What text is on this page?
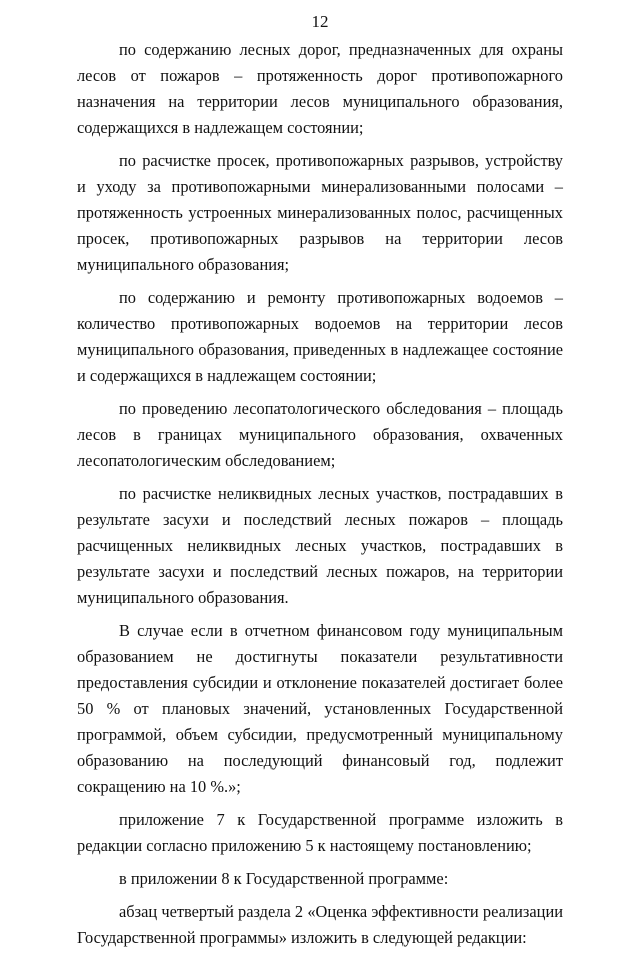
12

по содержанию лесных дорог, предназначенных для охраны лесов от пожаров – протяженность дорог противопожарного назначения на территории лесов муниципального образования, содержащихся в надлежащем состоянии;

по расчистке просек, противопожарных разрывов, устройству и уходу за противопожарными минерализованными полосами – протяженность устроенных минерализованных полос, расчищенных просек, противопожарных разрывов на территории лесов муниципального образования;

по содержанию и ремонту противопожарных водоемов – количество противопожарных водоемов на территории лесов муниципального образования, приведенных в надлежащее состояние и содержащихся в надлежащем состоянии;

по проведению лесопатологического обследования – площадь лесов в границах муниципального образования, охваченных лесопатологическим обследованием;

по расчистке неликвидных лесных участков, пострадавших в результате засухи и последствий лесных пожаров – площадь расчищенных неликвидных лесных участков, пострадавших в результате засухи и последствий лесных пожаров, на территории муниципального образования.

В случае если в отчетном финансовом году муниципальным образованием не достигнуты показатели результативности предоставления субсидии и отклонение показателей достигает более 50 % от плановых значений, установленных Государственной программой, объем субсидии, предусмотренный муниципальному образованию на последующий финансовый год, подлежит сокращению на 10 %.»;

приложение 7 к Государственной программе изложить в редакции согласно приложению 5 к настоящему постановлению;

в приложении 8 к Государственной программе:

абзац четвертый раздела 2 «Оценка эффективности реализации Государственной программы» изложить в следующей редакции:
